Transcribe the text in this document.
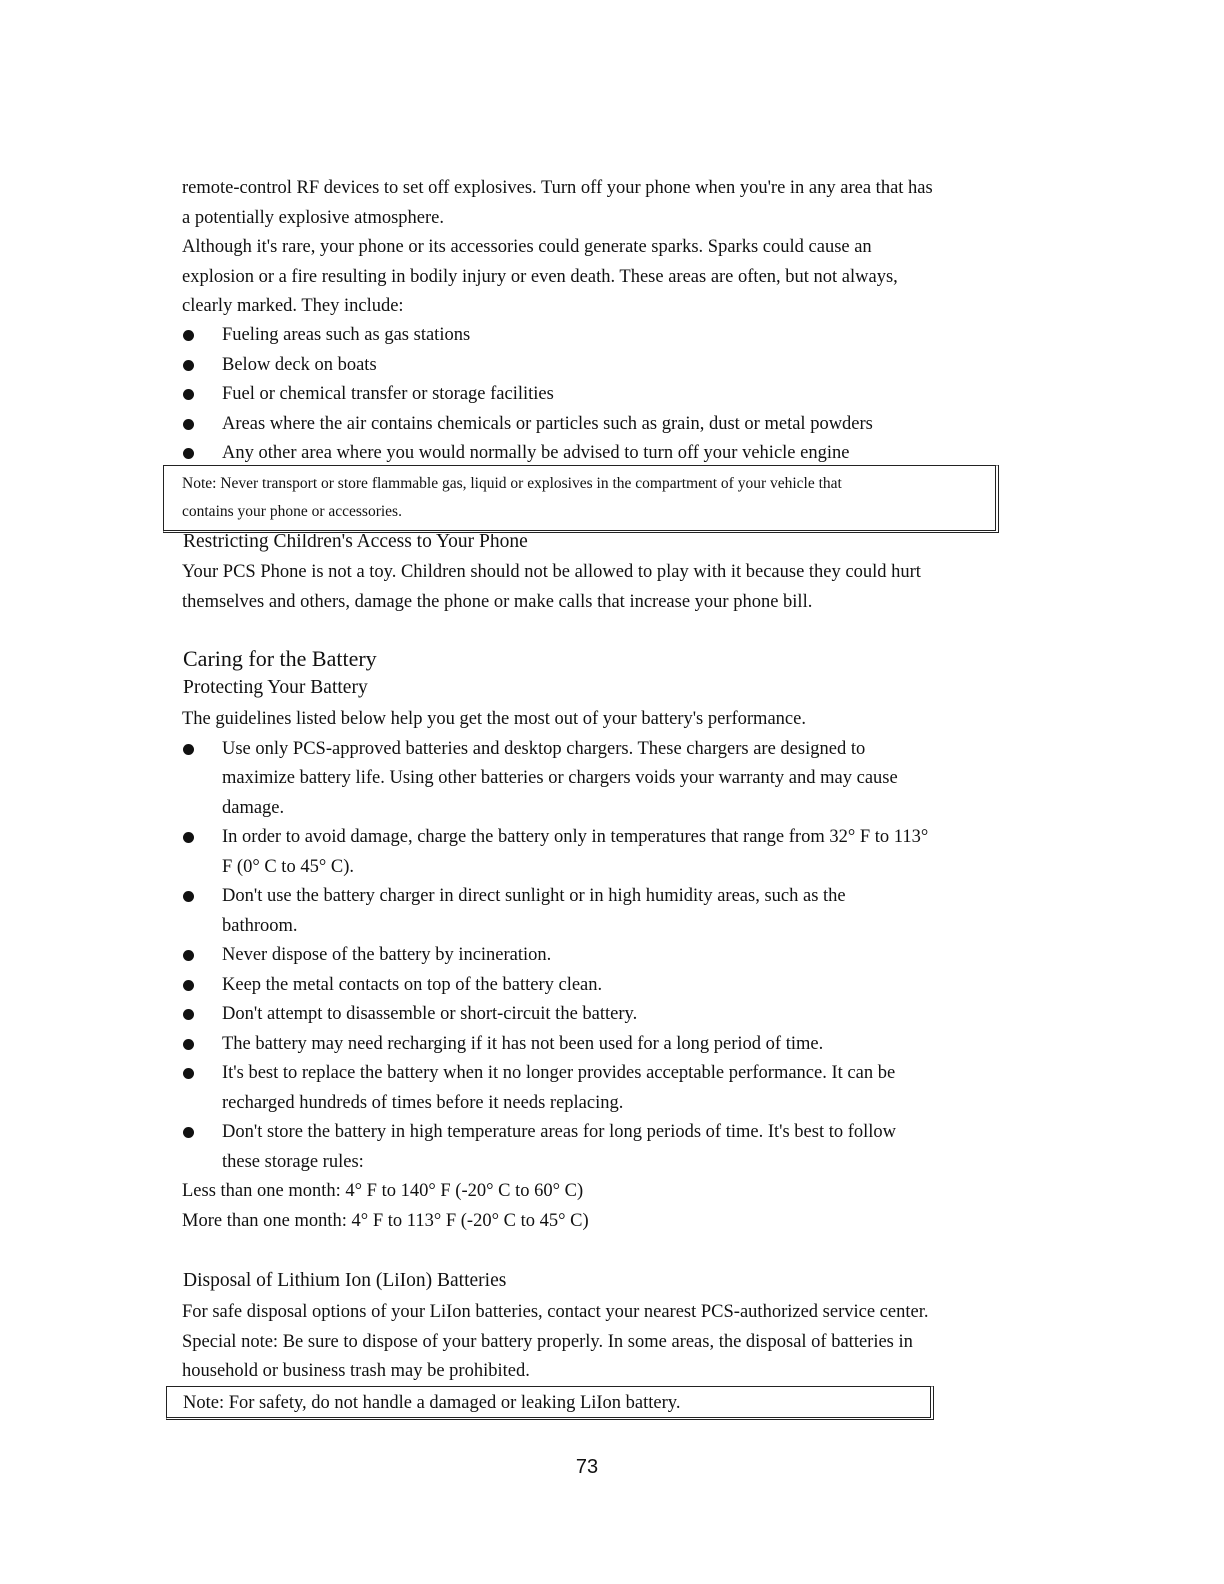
remote-control RF devices to set off explosives. Turn off your phone when you're in any area that has

a potentially explosive atmosphere.

Although it's rare, your phone or its accessories could generate sparks. Sparks could cause an

explosion or a fire resulting in bodily injury or even death. These areas are often, but not always,

clearly marked. They include:

Fueling areas such as gas stations
Below deck on boats
Fuel or chemical transfer or storage facilities
Areas where the air contains chemicals or particles such as grain, dust or metal powders
Any other area where you would normally be advised to turn off your vehicle engine
Note: Never transport or store flammable gas, liquid or explosives in the compartment of your vehicle that
contains your phone or accessories.
Restricting Children's Access to Your Phone

Your PCS Phone is not a toy. Children should not be allowed to play with it because they could hurt

themselves and others, damage the phone or make calls that increase your phone bill.

Caring for the Battery
Protecting Your Battery

The guidelines listed below help you get the most out of your battery's performance.

Use only PCS-approved batteries and desktop chargers. These chargers are designed to
maximize battery life. Using other batteries or chargers voids your warranty and may cause
damage.
In order to avoid damage, charge the battery only in temperatures that range from 32° F to 113°
F (0° C to 45° C).
Don't use the battery charger in direct sunlight or in high humidity areas, such as the
bathroom.
Never dispose of the battery by incineration.
Keep the metal contacts on top of the battery clean.
Don't attempt to disassemble or short-circuit the battery.
The battery may need recharging if it has not been used for a long period of time.
It's best to replace the battery when it no longer provides acceptable performance. It can be
recharged hundreds of times before it needs replacing.
Don't store the battery in high temperature areas for long periods of time. It's best to follow
these storage rules:

Less than one month: 4° F to 140° F (-20° C to 60° C)

More than one month: 4° F to 113° F (-20° C to 45° C)

Disposal of Lithium Ion (LiIon) Batteries

For safe disposal options of your LiIon batteries, contact your nearest PCS-authorized service center.

Special note: Be sure to dispose of your battery properly. In some areas, the disposal of batteries in

household or business trash may be prohibited.

Note: For safety, do not handle a damaged or leaking LiIon battery.
73
